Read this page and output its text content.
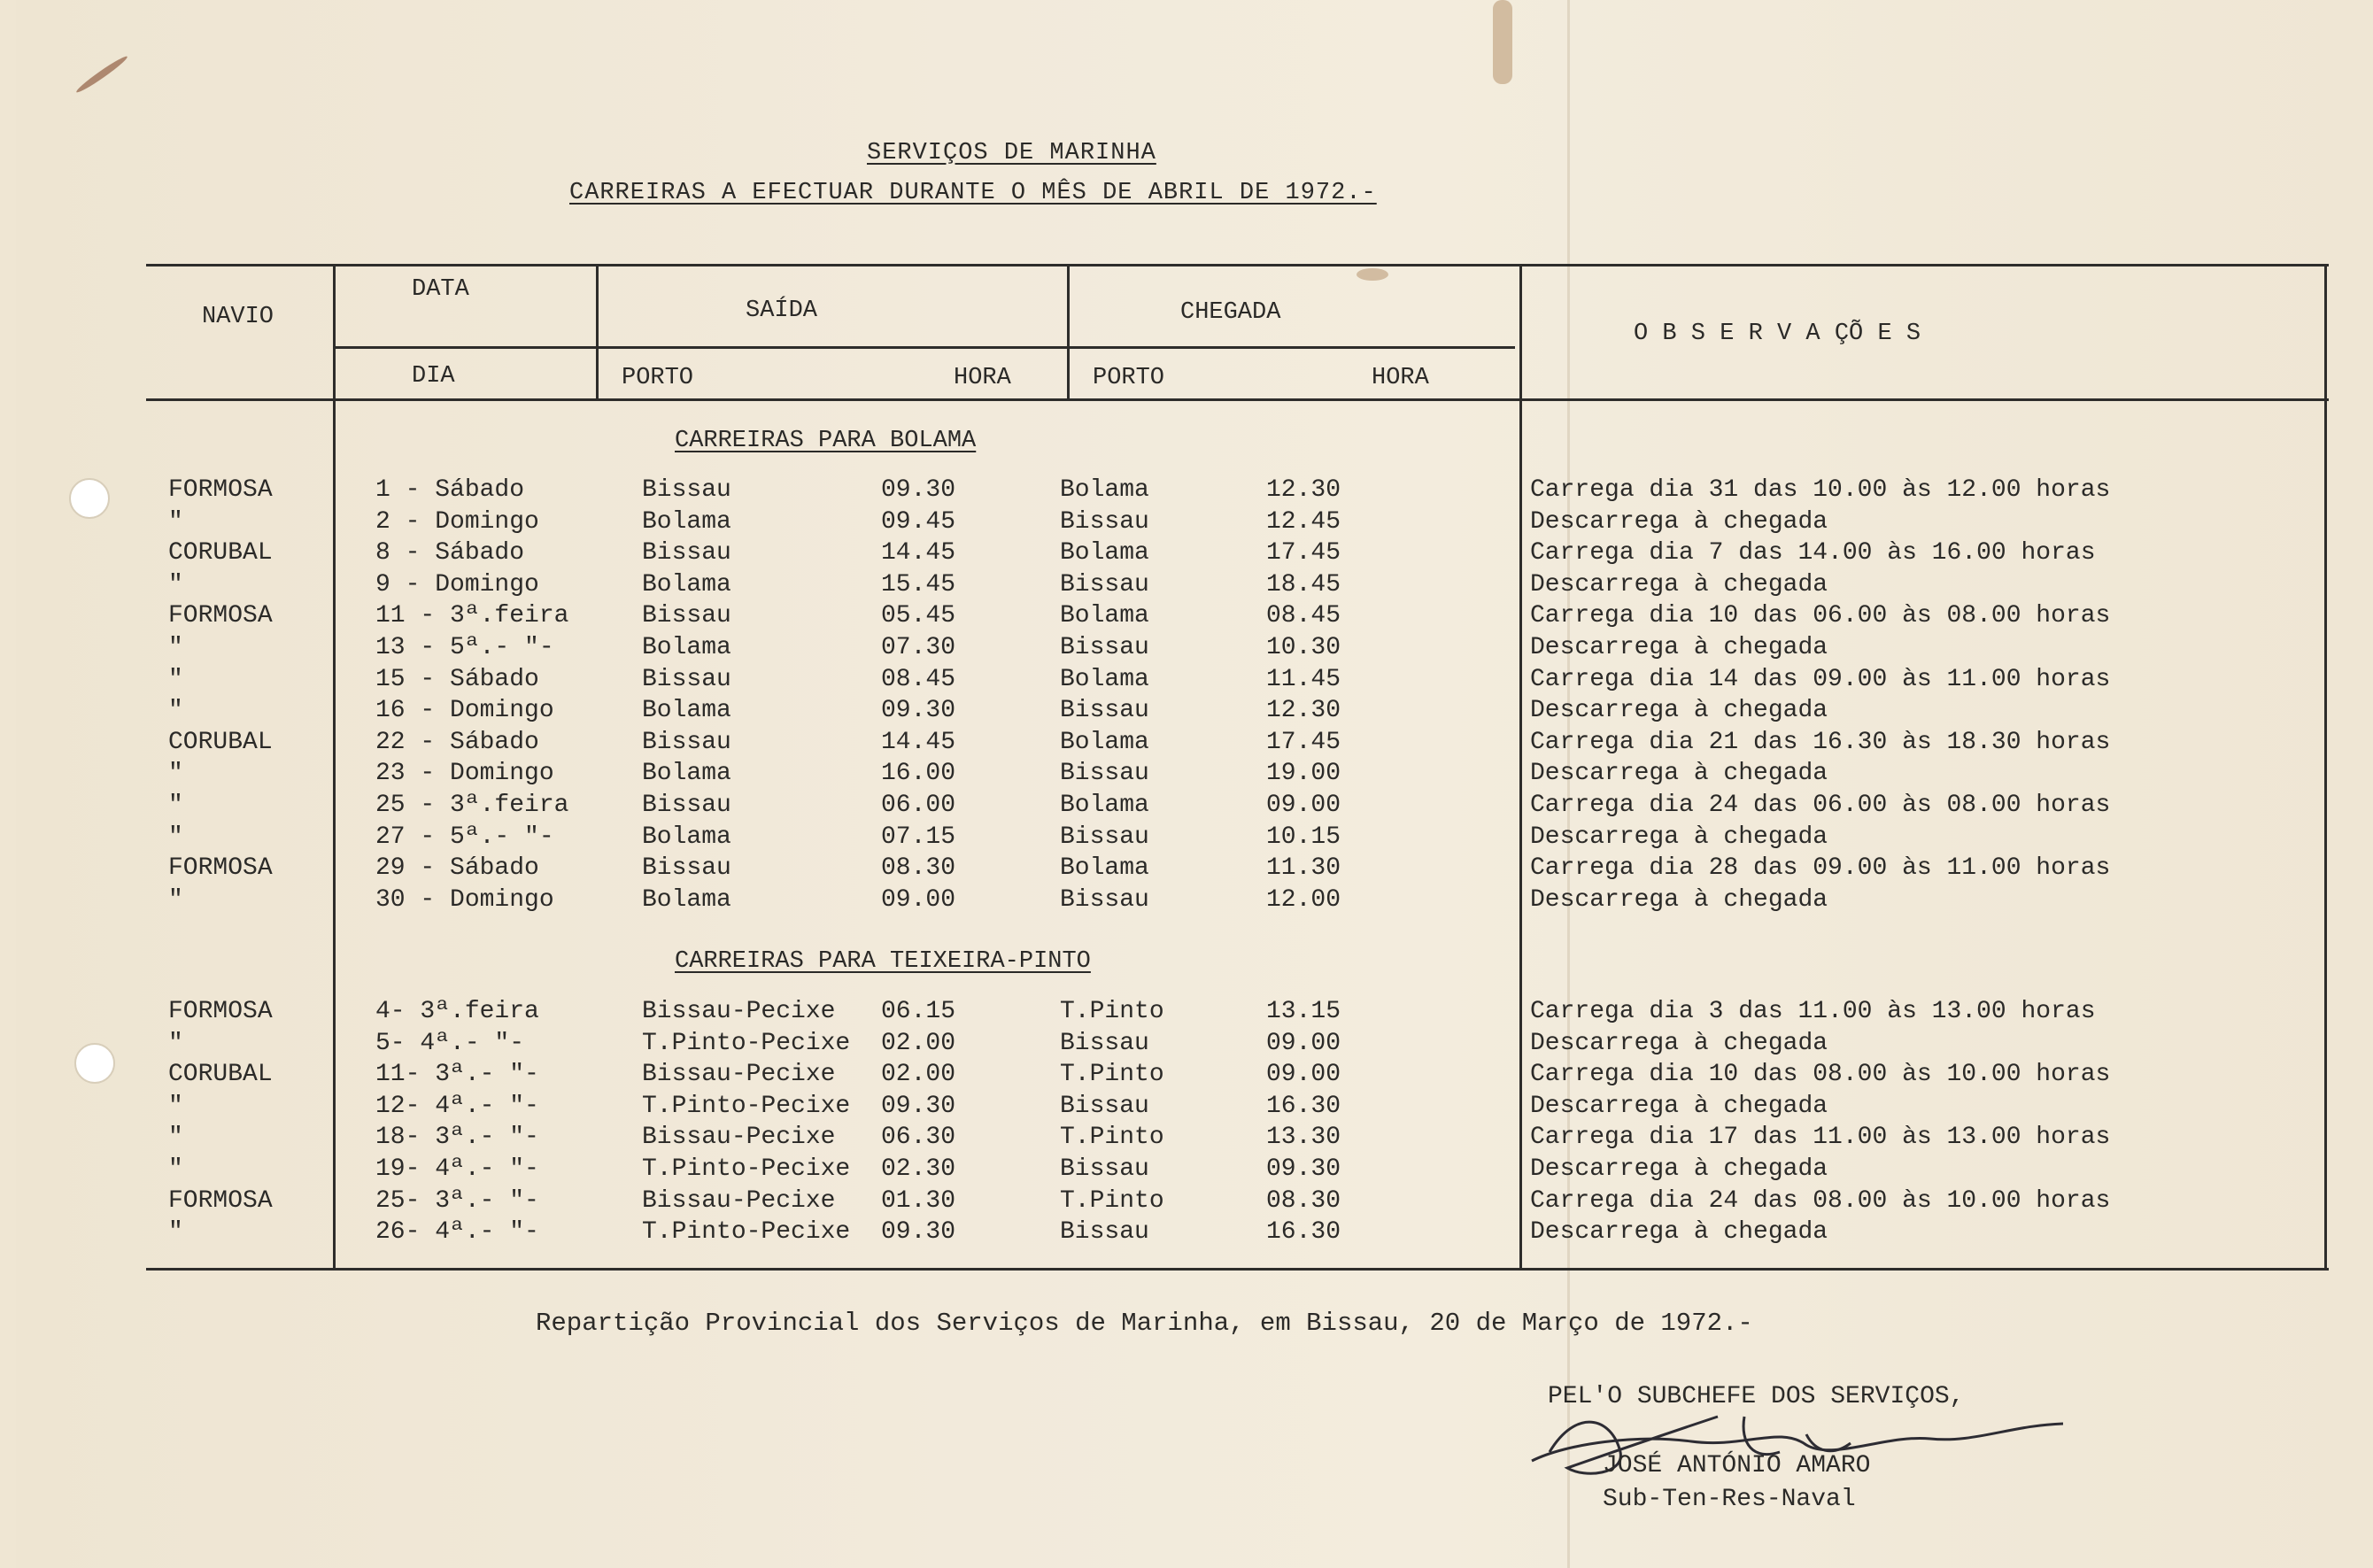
SERVIÇOS DE MARINHA
CARREIRAS A EFECTUAR DURANTE O MÊS DE ABRIL DE 1972.-
NAVIO
DATA
DIA
SAÍDA	CHEGADA
PORTO	HORA	PORTO	HORA
O B S E R V A ÇÕ E S
CARREIRAS PARA BOLAMA
CARREIRAS PARA TEIXEIRA-PINTO
FORMOSA	1 - Sábado	Bissau	09.30	Bolama	12.30	Carrega dia 31 das 10.00 às 12.00 horas
"	2 - Domingo	Bolama	09.45	Bissau	12.45	Descarrega à chegada
CORUBAL	8 - Sábado	Bissau	14.45	Bolama	17.45	Carrega dia 7 das 14.00 às 16.00 horas
"	9 - Domingo	Bolama	15.45	Bissau	18.45	Descarrega à chegada
FORMOSA	11 - 3ª.feira	Bissau	05.45	Bolama	08.45	Carrega dia 10 das 06.00 às 08.00 horas
"	13 - 5ª.- "-	Bolama	07.30	Bissau	10.30	Descarrega à chegada
"	15 - Sábado	Bissau	08.45	Bolama	11.45	Carrega dia 14 das 09.00 às 11.00 horas
"	16 - Domingo	Bolama	09.30	Bissau	12.30	Descarrega à chegada
CORUBAL	22 - Sábado	Bissau	14.45	Bolama	17.45	Carrega dia 21 das 16.30 às 18.30 horas
"	23 - Domingo	Bolama	16.00	Bissau	19.00	Descarrega à chegada
"	25 - 3ª.feira	Bissau	06.00	Bolama	09.00	Carrega dia 24 das 06.00 às 08.00 horas
"	27 - 5ª.- "-	Bolama	07.15	Bissau	10.15	Descarrega à chegada
FORMOSA	29 - Sábado	Bissau	08.30	Bolama	11.30	Carrega dia 28 das 09.00 às 11.00 horas
"	30 - Domingo	Bolama	09.00	Bissau	12.00	Descarrega à chegada
FORMOSA	4- 3ª.feira	Bissau-Pecixe 06.15	T.Pinto	13.15	Carrega dia 3 das 11.00 às 13.00 horas
"	5- 4ª.- "-	T.Pinto-Pecixe 02.00	Bissau	09.00	Descarrega à chegada
CORUBAL	11- 3ª.- "-	Bissau-Pecixe 02.00	T.Pinto	09.00	Carrega dia 10 das 08.00 às 10.00 horas
"	12- 4ª.- "-	T.Pinto-Pecixe 09.30	Bissau	16.30	Descarrega à chegada
"	18- 3ª.- "-	Bissau-Pecixe 06.30	T.Pinto	13.30	Carrega dia 17 das 11.00 às 13.00 horas
"	19- 4ª.- "-	T.Pinto-Pecixe 02.30	Bissau	09.30	Descarrega à chegada
FORMOSA	25- 3ª.- "-	Bissau-Pecixe 01.30	T.Pinto	08.30	Carrega dia 24 das 08.00 às 10.00 horas
"	26- 4ª.- "-	T.Pinto-Pecixe 09.30	Bissau	16.30	Descarrega à chegada
Repartição Provincial dos Serviços de Marinha, em Bissau, 20 de Março de 1972.-
PEL'O SUBCHEFE DOS SERVIÇOS,
JOSÉ ANTÓNIO AMARO
Sub-Ten-Res-Naval
